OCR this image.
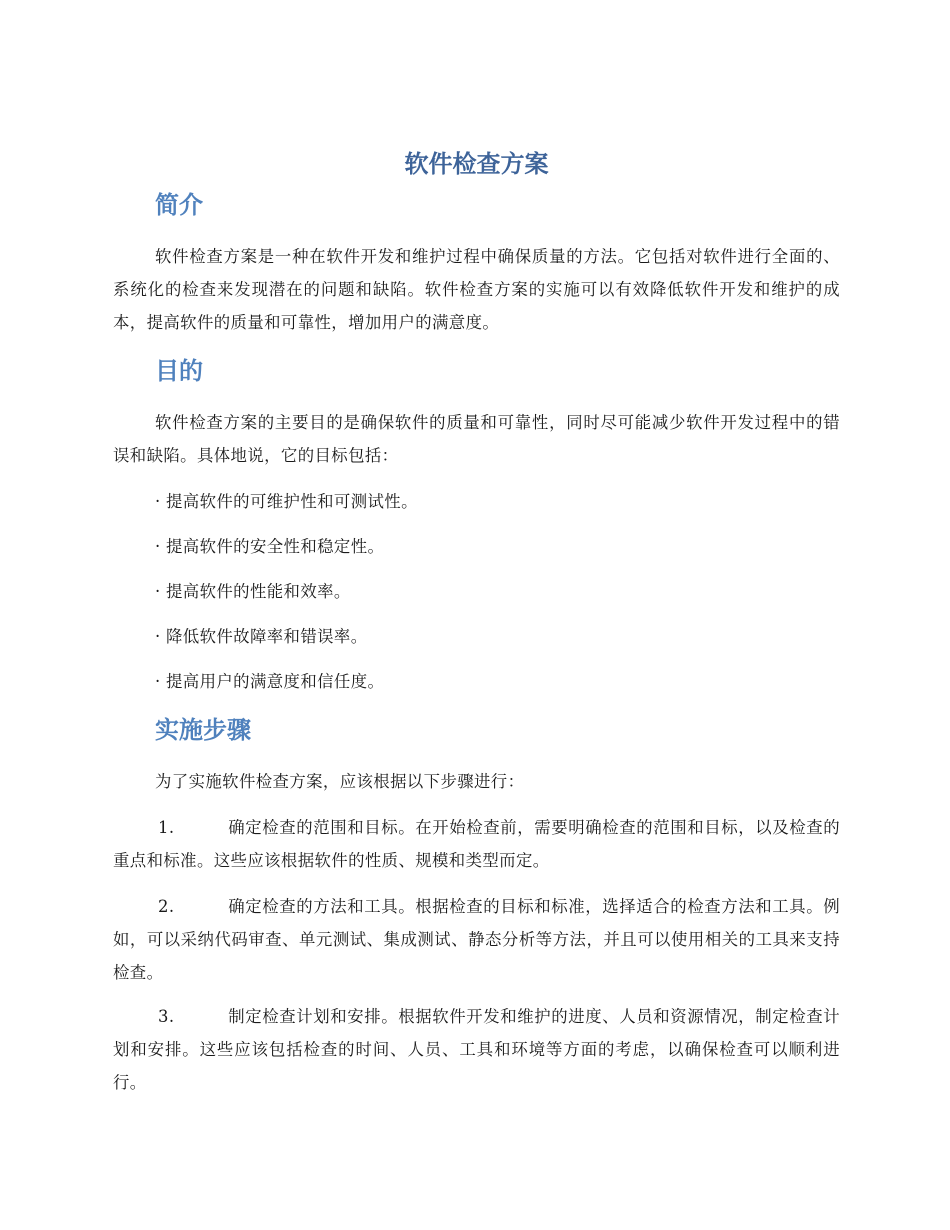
软件检查方案
简介

软件检查方案是一种在软件开发和维护过程中确保质量的方法。它包括对软件进行全面的、系统化的检查来发现潜在的问题和缺陷。软件检查方案的实施可以有效降低软件开发和维护的成本，提高软件的质量和可靠性，增加用户的满意度。

目的

软件检查方案的主要目的是确保软件的质量和可靠性，同时尽可能减少软件开发过程中的错误和缺陷。具体地说，它的目标包括：

· 提高软件的可维护性和可测试性。

· 提高软件的安全性和稳定性。

· 提高软件的性能和效率。

· 降低软件故障率和错误率。

· 提高用户的满意度和信任度。

实施步骤

为了实施软件检查方案，应该根据以下步骤进行：

1.	确定检查的范围和目标。在开始检查前，需要明确检查的范围和目标，以及检查的重点和标准。这些应该根据软件的性质、规模和类型而定。

2.	确定检查的方法和工具。根据检查的目标和标准，选择适合的检查方法和工具。例如，可以采纳代码审查、单元测试、集成测试、静态分析等方法，并且可以使用相关的工具来支持检查。

3.	制定检查计划和安排。根据软件开发和维护的进度、人员和资源情况，制定检查计划和安排。这些应该包括检查的时间、人员、工具和环境等方面的考虑，以确保检查可以顺利进行。
